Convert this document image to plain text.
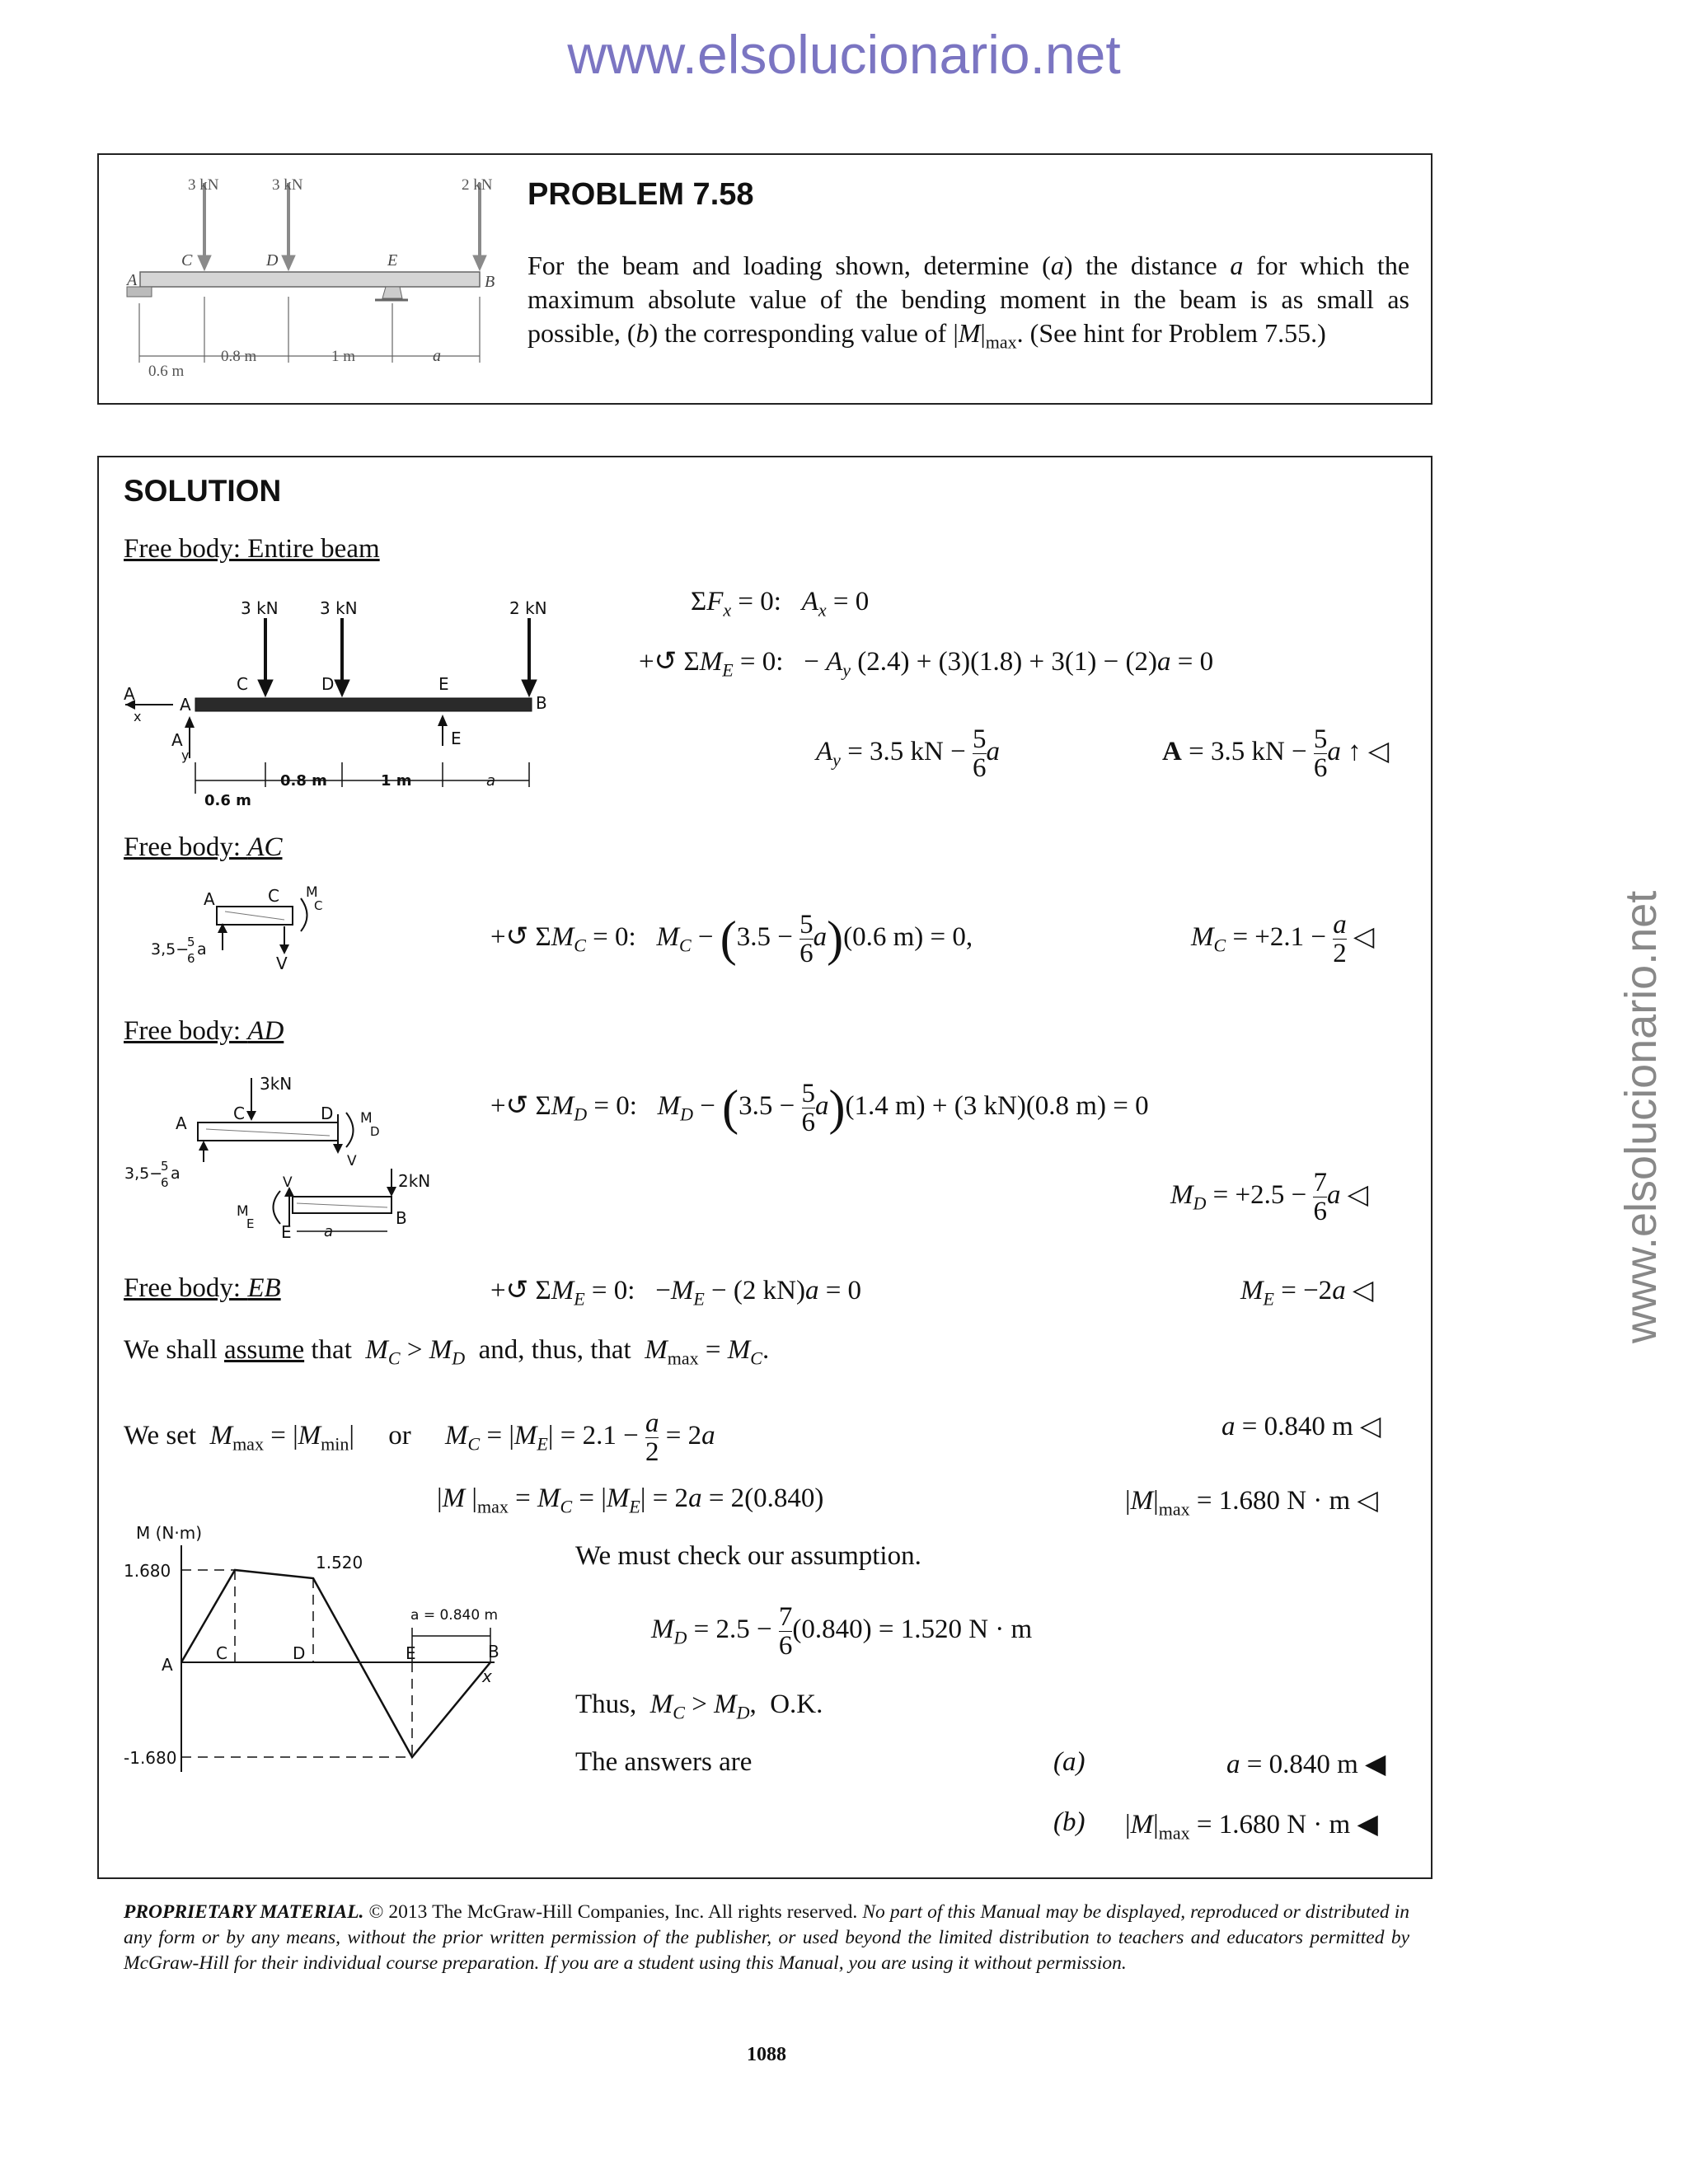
www.elsolucionario.net
www.elsolucionario.net
3 kN	3 kN	2 kN
A
C	D	E
B
0.6 m
0.8 m	1 m	a
PROBLEM 7.58
For the beam and loading shown, determine (a) the distance a for which the maximum absolute value of the bending moment in the beam is as small as possible, (b) the corresponding value of $|M|_{max}$. (See hint for Problem 7.55.)
SOLUTION
Free body: Entire beam
3 kN	3 kN	2 kN
C	D	E
B
A
A
x
A
y
E
0.6 m
0.8 m	1 m	a
$\Sigma F_x = 0$:   $A_x = 0$
+↺ $\Sigma M_E = 0$:   − $A_y$ (2.4) + (3)(1.8) + 3(1) − (2)a = 0
$A_y = 3.5$ kN − $\frac{5}{6}$ a	A = 3.5 kN − $\frac{5}{6}$ a ↑ ◁
Free body: AC
A	C M
C
V
3,5−
5
6 a	+↺ $\Sigma M_C = 0$:   $M_C - (3.5 - \frac{5}{6} a)(0.6$ m) = 0,	$M_C = +2.1 - \frac{a}{2}$ ◁
Free body: AD
A	C	D
3kN
V
M
D
3,5−
5
6 a	V	2kN
M
E E
B
a
+↺ $\Sigma M_D = 0$:   $M_D - (3.5 - \frac{5}{6} a)(1.4$ m) + (3 kN)(0.8 m) = 0
$M_D = +2.5 - \frac{7}{6}$ a ◁
Free body: EB	+↺ $\Sigma M_E = 0$:   $-M_E - (2$ kN)a = 0	$M_E = -2a$ ◁
We shall assume that  $M_C > M_D$  and, thus, that  $M_{max} = M_C$.
We set  $M_{max} = |M_{min}|$     or     $M_C = |M_E| = 2.1 - \frac{a}{2} = 2a$	a = 0.840 m ◁
|M $|_{max} = M_C = |M_E| = 2a = 2(0.840)$	$|M|_{max} = 1.680$ N · m ◁
M (N·m)
x
a = 0.840 m
1.680	1.520
-1.680
A
C	D	E	B
We must check our assumption.
$M_D = 2.5 - \frac{7}{6} (0.840) = 1.520$ N · m
Thus,  $M_C > M_D$,  O.K.
The answers are	(a)	a = 0.840 m ◀
(b) $|M|_{max} = 1.680$ N · m ◀
PROPRIETARY MATERIAL. © 2013 The McGraw-Hill Companies, Inc. All rights reserved. No part of this Manual may be displayed, reproduced or distributed in any form or by any means, without the prior written permission of the publisher, or used beyond the limited distribution to teachers and educators permitted by McGraw-Hill for their individual course preparation. If you are a student using this Manual, you are using it without permission.
1088
